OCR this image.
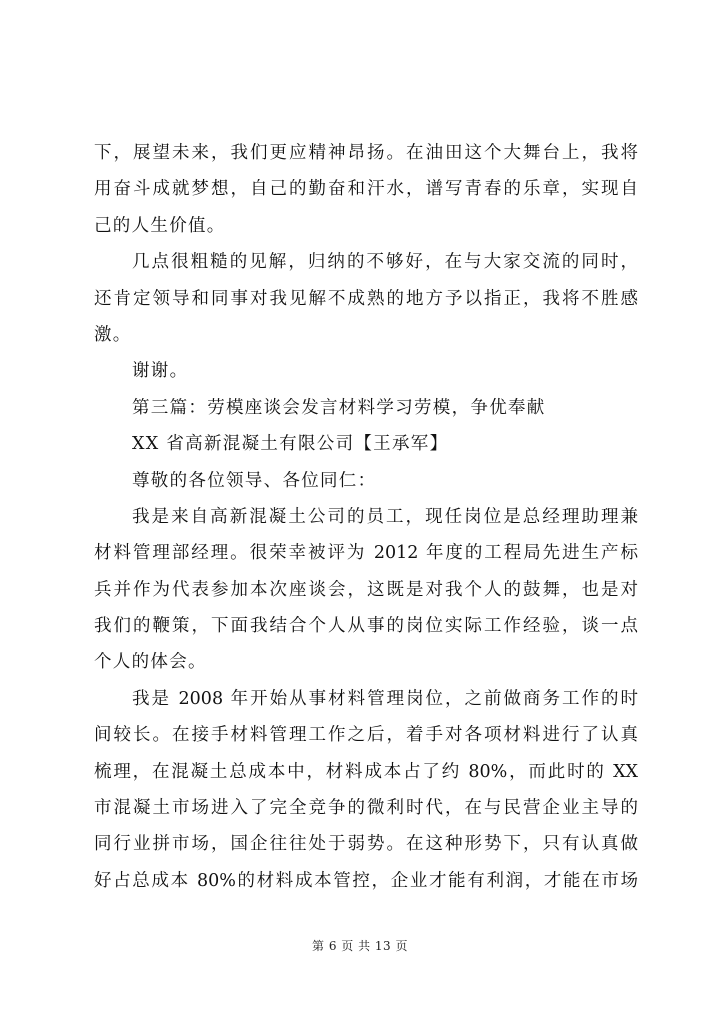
下，展望未来，我们更应精神昂扬。在油田这个大舞台上，我将
用奋斗成就梦想，自己的勤奋和汗水，谱写青春的乐章，实现自
己的人生价值。
几点很粗糙的见解，归纳的不够好，在与大家交流的同时，
还肯定领导和同事对我见解不成熟的地方予以指正，我将不胜感
激。
谢谢。
第三篇：劳模座谈会发言材料学习劳模，争优奉献
XX 省高新混凝土有限公司【王承军】
尊敬的各位领导、各位同仁：
我是来自高新混凝土公司的员工，现任岗位是总经理助理兼
材料管理部经理。很荣幸被评为 2012 年度的工程局先进生产标
兵并作为代表参加本次座谈会，这既是对我个人的鼓舞，也是对
我们的鞭策，下面我结合个人从事的岗位实际工作经验，谈一点
个人的体会。
我是 2008 年开始从事材料管理岗位，之前做商务工作的时
间较长。在接手材料管理工作之后，着手对各项材料进行了认真
梳理，在混凝土总成本中，材料成本占了约 80%，而此时的 XX
市混凝土市场进入了完全竞争的微利时代，在与民营企业主导的
同行业拼市场，国企往往处于弱势。在这种形势下，只有认真做
好占总成本 80%的材料成本管控，企业才能有利润，才能在市场
第 6 页 共 13 页
